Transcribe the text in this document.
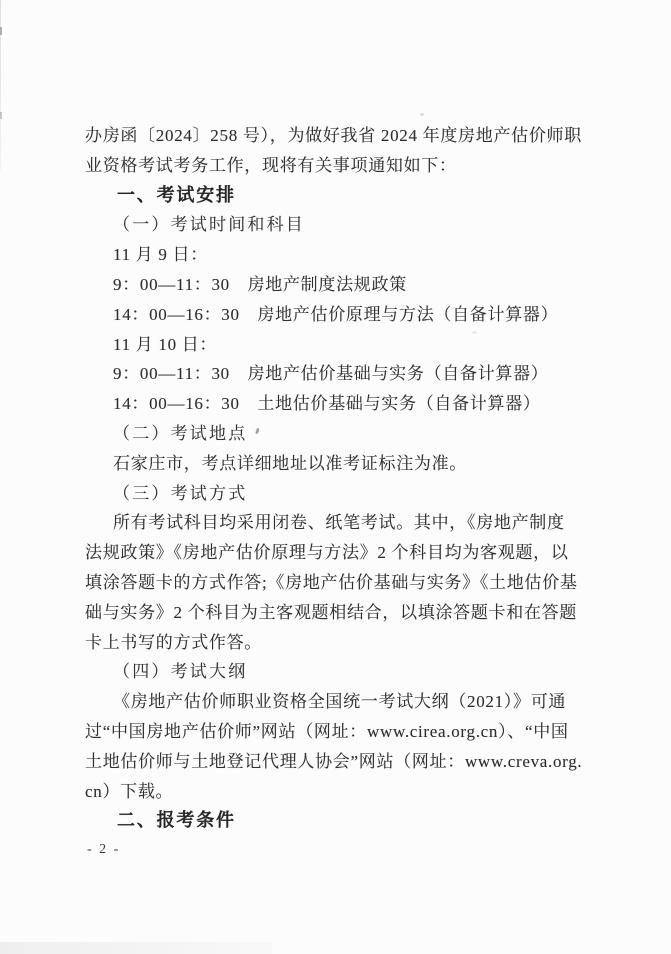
办房函〔2024〕258 号），为做好我省 2024 年度房地产估价师职
业资格考试考务工作，现将有关事项通知如下：
一、考试安排
（一）考试时间和科目
11 月 9 日：
9：00—11：30　房地产制度法规政策
14：00—16：30　房地产估价原理与方法（自备计算器）
11 月 10 日：
9：00—11：30　房地产估价基础与实务（自备计算器）
14：00—16：30　土地估价基础与实务（自备计算器）
（二）考试地点
石家庄市，考点详细地址以准考证标注为准。
（三）考试方式
所有考试科目均采用闭卷、纸笔考试。其中，《房地产制度
法规政策》《房地产估价原理与方法》2 个科目均为客观题，以
填涂答题卡的方式作答;《房地产估价基础与实务》《土地估价基
础与实务》2 个科目为主客观题相结合，以填涂答题卡和在答题
卡上书写的方式作答。
（四）考试大纲
《房地产估价师职业资格全国统一考试大纲（2021）》可通
过“中国房地产估价师”网站（网址：www.cirea.org.cn）、“中国
土地估价师与土地登记代理人协会”网站（网址：www.creva.org.
cn）下载。
二、报考条件
- 2 -
